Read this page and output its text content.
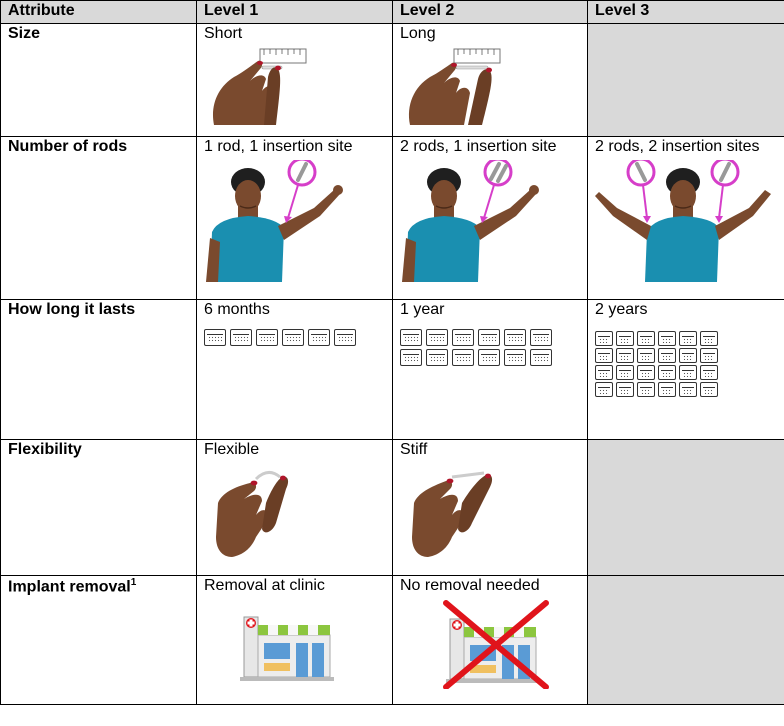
Attribute	Level 1	Level 2	Level 3
Size	Short	Long	

Number of rods	1 rod, 1 insertion site	2 rods, 1 insertion site	2 rods, 2 insertion sites

How long it lasts	6 months	1 year	2 years

Flexibility	Flexible	Stiff	

Implant removal$^1$	Removal at clinic	No removal needed	
